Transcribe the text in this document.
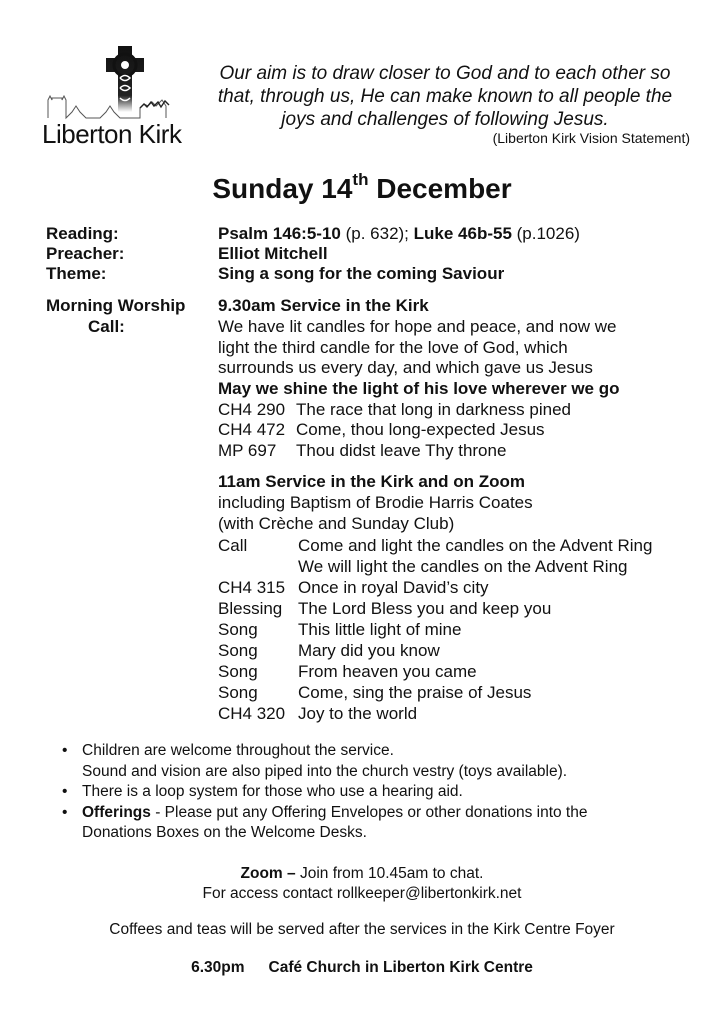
Liberton Kirk
Our aim is to draw closer to God and to each other so
that, through us, He can make known to all people the
joys and challenges of following Jesus.
(Liberton Kirk Vision Statement)
Sunday 14th December
Reading:	Psalm 146:5-10 (p. 632); Luke 46b-55 (p.1026)
Preacher:	Elliot Mitchell
Theme:	Sing a song for the coming Saviour
Morning Worship 9.30am Service in the Kirk
Call:	We have lit candles for hope and peace, and now we
light the third candle for the love of God, which
surrounds us every day, and which gave us Jesus
May we shine the light of his love wherever we go
CH4 290 The race that long in darkness pined
CH4 472 Come, thou long-expected Jesus
MP 697 Thou didst leave Thy throne
11am Service in the Kirk and on Zoom
including Baptism of Brodie Harris Coates
(with Crèche and Sunday Club)
Call	Come and light the candles on the Advent Ring
We will light the candles on the Advent Ring
CH4 315 Once in royal David’s city
Blessing The Lord Bless you and keep you
Song This little light of mine
Song Mary did you know
Song From heaven you came
Song Come, sing the praise of Jesus
CH4 320 Joy to the world
• Children are welcome throughout the service.
Sound and vision are also piped into the church vestry (toys available).
• There is a loop system for those who use a hearing aid.
• Offerings - Please put any Offering Envelopes or other donations into the
Donations Boxes on the Welcome Desks.
Zoom – Join from 10.45am to chat.
For access contact rollkeeper@libertonkirk.net
Coffees and teas will be served after the services in the Kirk Centre Foyer
6.30pm Café Church in Liberton Kirk Centre
